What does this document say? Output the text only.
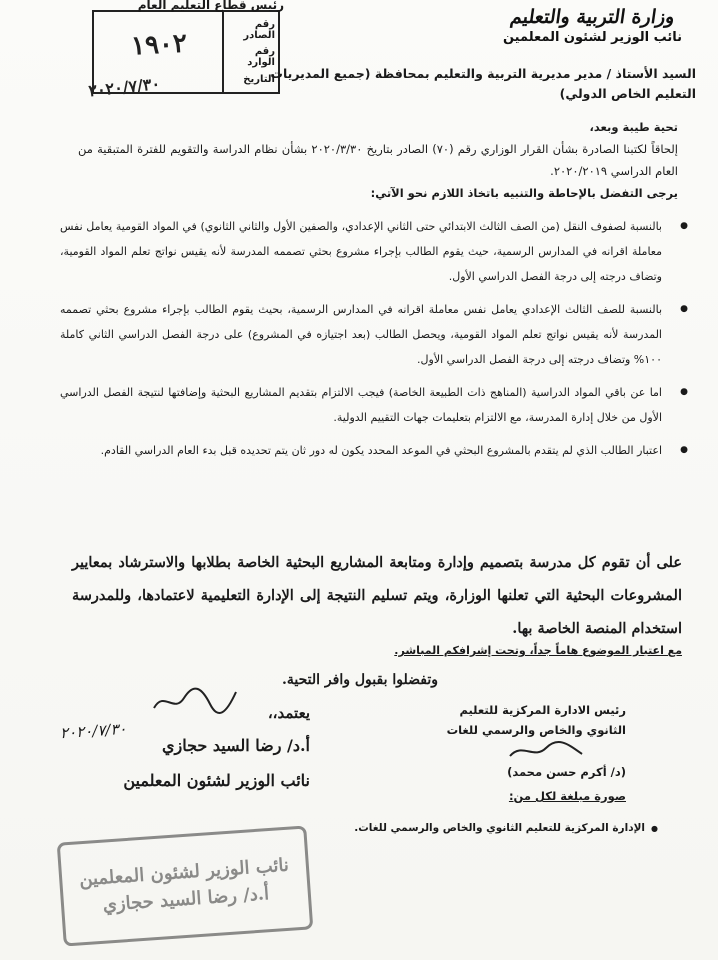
وزارة التربية والتعليم
نائب الوزير لشئون المعلمين
رئيس قطاع التعليم العام
رقم الصادر
رقم الوارد
التاريخ
١٩٠٢
٢٠٢٠/٧/٣٠
السيد الأستاذ / مدير مديرية التربية والتعليم بمحافظة (جميع المديريات
التعليم الخاص الدولي)
تحية طيبة وبعد،
إلحاقاً لكتبنا الصادرة بشأن القرار الوزاري رقم (٧٠) الصادر بتاريخ ٢٠٢٠/٣/٣٠ بشأن نظام الدراسة والتقويم للفترة المتبقية من العام الدراسي ٢٠٢٠/٢٠١٩.
يرجى التفضل بالإحاطة والتنبيه باتخاذ اللازم نحو الآتي:
● بالنسبة لصفوف النقل (من الصف الثالث الابتدائي حتى الثاني الإعدادي، والصفين الأول والثاني الثانوي) في المواد القومية يعامل نفس معاملة اقرانه في المدارس الرسمية، حيث يقوم الطالب بإجراء مشروع بحثي تصممه المدرسة لأنه يقيس نواتج تعلم المواد القومية، وتضاف درجته إلى درجة الفصل الدراسي الأول.
● بالنسبة للصف الثالث الإعدادي يعامل نفس معاملة اقرانه في المدارس الرسمية، بحيث يقوم الطالب بإجراء مشروع بحثي تصممه المدرسة لأنه يقيس نواتج تعلم المواد القومية، ويحصل الطالب (بعد اجتيازه في المشروع) على درجة الفصل الدراسي الثاني كاملة ١٠٠% وتضاف درجته إلى درجة الفصل الدراسي الأول.
● اما عن باقي المواد الدراسية (المناهج ذات الطبيعة الخاصة) فيجب الالتزام بتقديم المشاريع البحثية وإضافتها لنتيجة الفصل الدراسي الأول من خلال إدارة المدرسة، مع الالتزام بتعليمات جهات التقييم الدولية.
● اعتبار الطالب الذي لم يتقدم بالمشروع البحثي في الموعد المحدد يكون له دور ثان يتم تحديده قبل بدء العام الدراسي القادم.
على أن تقوم كل مدرسة بتصميم وإدارة ومتابعة المشاريع البحثية الخاصة بطلابها والاسترشاد بمعايير المشروعات البحثية التي تعلنها الوزارة، ويتم تسليم النتيجة إلى الإدارة التعليمية لاعتمادها، وللمدرسة استخدام المنصة الخاصة بها.
مع اعتبار الموضوع هاماً جداً، وتحت إشرافكم المباشر.
وتفضلوا بقبول وافر التحية.
٢٠٢٠/٧/٣٠
يعتمد،،
أ.د/ رضا السيد حجازي
نائب الوزير لشئون المعلمين
رئيس الادارة المركزية للتعليم
الثانوي والخاص والرسمي للغات
(د/ أكرم حسن محمد)
صورة مبلغة لكل من:
● الإدارة المركزية للتعليم الثانوي والخاص والرسمي للغات.
نائب الوزير لشئون المعلمين
أ.د/ رضا السيد حجازي
